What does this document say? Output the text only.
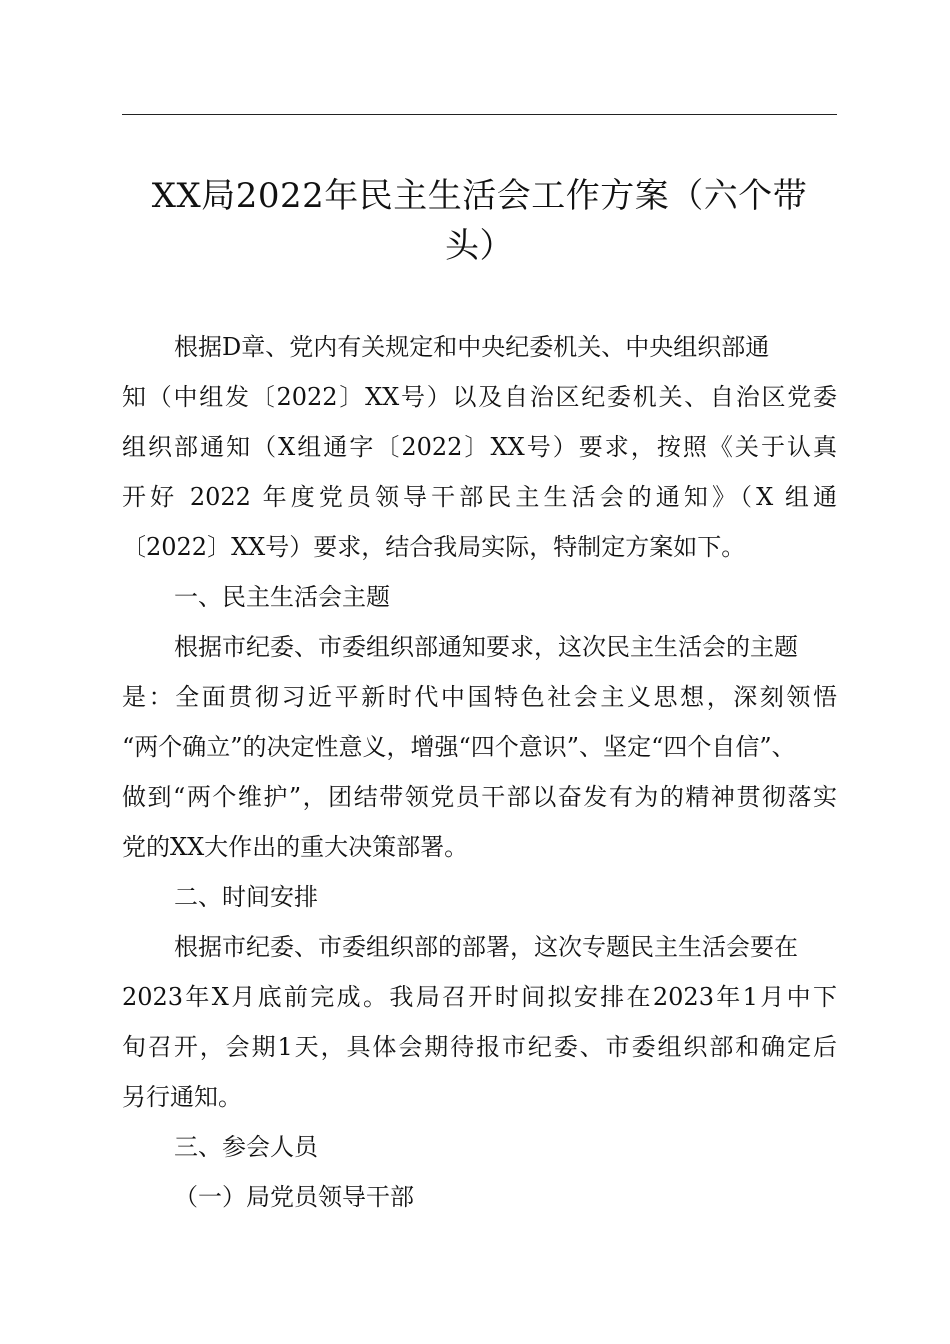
XX局2022年民主生活会工作方案（六个带
头）
根据D章、党内有关规定和中央纪委机关、中央组织部通
知（中组发〔2022〕XX号）以及自治区纪委机关、自治区党委
组织部通知（X组通字〔2022〕XX号）要求，按照《关于认真
开好 2022 年度党员领导干部民主生活会的通知》（X 组通
〔2022〕XX号）要求，结合我局实际，特制定方案如下。
一、民主生活会主题
根据市纪委、市委组织部通知要求，这次民主生活会的主题
是：全面贯彻习近平新时代中国特色社会主义思想，深刻领悟
“两个确立”的决定性意义，增强“四个意识”、坚定“四个自信”、
做到“两个维护”，团结带领党员干部以奋发有为的精神贯彻落实
党的XX大作出的重大决策部署。
二、时间安排
根据市纪委、市委组织部的部署，这次专题民主生活会要在
2023年X月底前完成。我局召开时间拟安排在2023年1月中下
旬召开，会期1天，具体会期待报市纪委、市委组织部和确定后
另行通知。
三、参会人员
（一）局党员领导干部
